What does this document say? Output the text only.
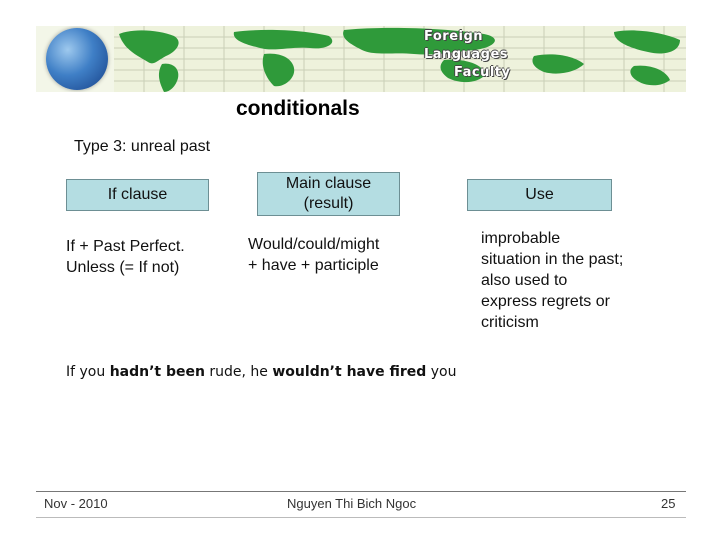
Foreign
Languages
Faculty
conditionals
Type 3: unreal past
If clause
Main clause
(result)
Use
If + Past Perfect.
Unless (= If not)
Would/could/might
+ have + participle
improbable
situation in the past;
also used to
express regrets or
criticism
If you hadn’t been rude, he wouldn’t have fired you
Nov - 2010	Nguyen Thi Bich Ngoc	25
